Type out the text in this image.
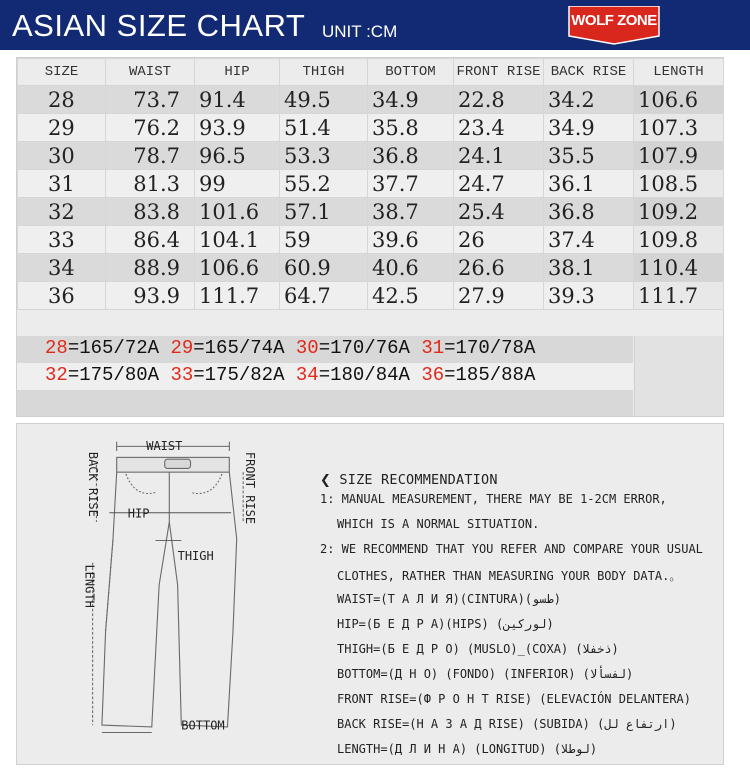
ASIAN SIZE CHART UNIT :CM
WOLF ZONE
SIZE	WAIST	HIP	THIGH	BOTTOM	FRONT RISE	BACK RISE	LENGTH
28	73.7	91.4	49.5	34.9	22.8	34.2	106.6
29	76.2	93.9	51.4	35.8	23.4	34.9	107.3
30	78.7	96.5	53.3	36.8	24.1	35.5	107.9
31	81.3	99	55.2	37.7	24.7	36.1	108.5
32	83.8	101.6	57.1	38.7	25.4	36.8	109.2
33	86.4	104.1	59	39.6	26	37.4	109.8
34	88.9	106.6	60.9	40.6	26.6	38.1	110.4
36	93.9	111.7	64.7	42.5	27.9	39.3	111.7
28=165/72A 29=165/74A 30=170/76A 31=170/78A
32=175/80A 33=175/82A 34=180/84A 36=185/88A
WAIST
FRONT RISE
BACK RISE HIP
THIGH
LENGTH
BOTTOM
❮ SIZE RECOMMENDATION
1: MANUAL MEASUREMENT, THERE MAY BE 1-2CM ERROR,
WHICH IS A NORMAL SITUATION.
2: WE RECOMMEND THAT YOU REFER AND COMPARE YOUR USUAL
CLOTHES, RATHER THAN MEASURING YOUR BODY DATA.。
WAIST=(Т А Л И Я)(CINTURA)(طسو)
HIP=(Б Е Д Р А)(HIPS) (لوركين)
THIGH=(Б Е Д Р О) (MUSLO)_(COXA) (ذخفلا)
BOTTOM=(Д Н О) (FONDO) (INFERIOR) (لفسألا)
FRONT RISE=(Ф Р О Н Т RISE) (ELEVACIÓN DELANTERA)
BACK RISE=(Н А З А Д RISE) (SUBIDA) (ارتفاع لل)
LENGTH=(Д Л И Н А) (LONGITUD) (لوطلا)
